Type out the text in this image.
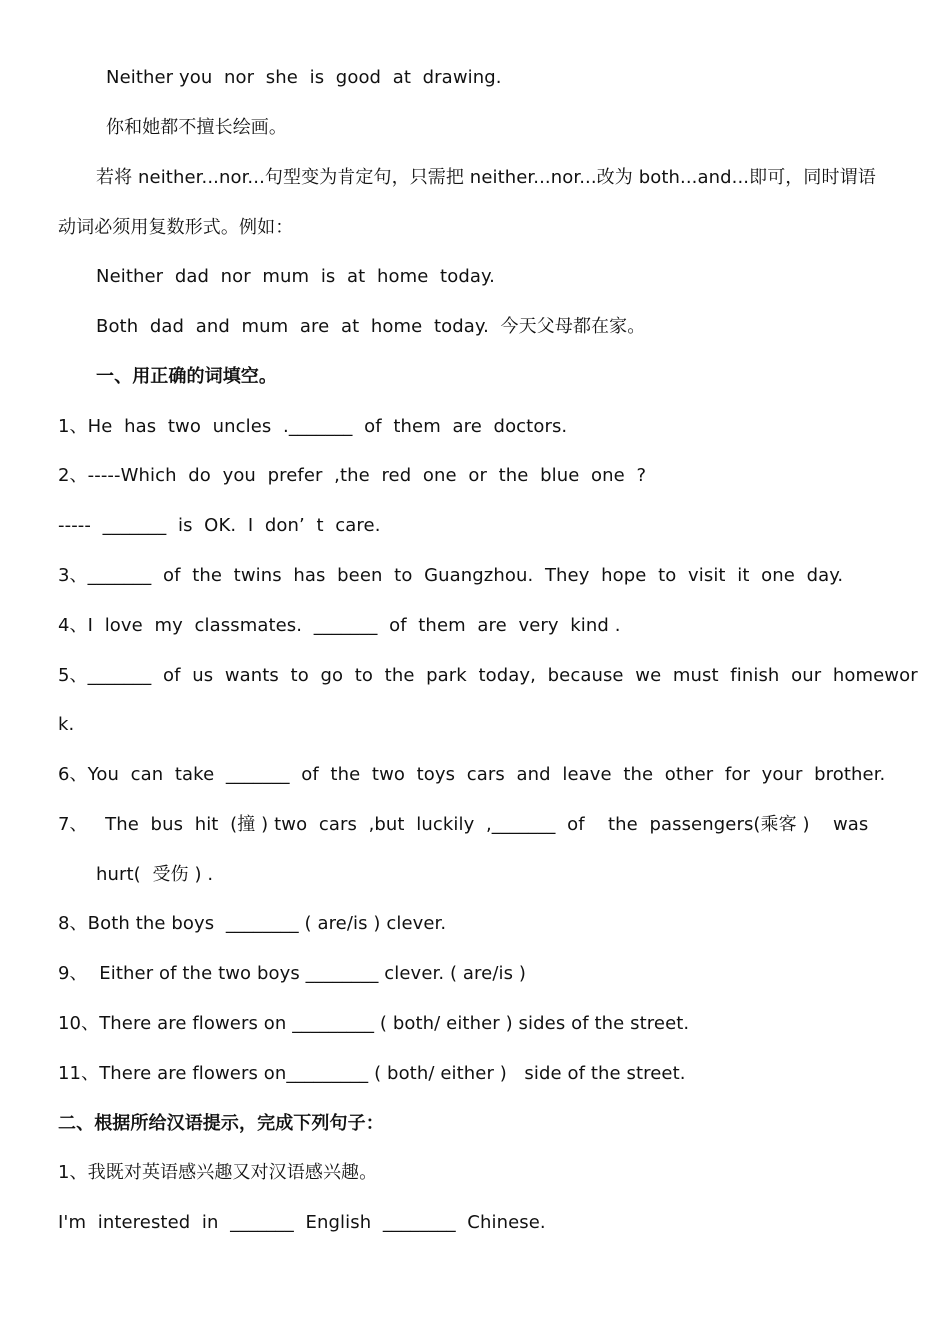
Neither you  nor  she  is  good  at  drawing.
你和她都不擅长绘画。
若将 neither...nor...句型变为肯定句，只需把 neither...nor...改为 both...and...即可，同时谓语
动词必须用复数形式。例如：
Neither  dad  nor  mum  is  at  home  today.
Both  dad  and  mum  are  at  home  today.  今天父母都在家。
一、用正确的词填空。
1、He  has  two  uncles  ._______  of  them  are  doctors.
2、-----Which  do  you  prefer  ,the  red  one  or  the  blue  one  ?
-----  _______  is  OK.  I  don’  t  care.
3、_______  of  the  twins  has  been  to  Guangzhou.  They  hope  to  visit  it  one  day.
4、I  love  my  classmates.  _______  of  them  are  very  kind .
5、_______  of  us  wants  to  go  to  the  park  today,  because  we  must  finish  our  homewor
k.
6、You  can  take  _______  of  the  two  toys  cars  and  leave  the  other  for  your  brother.
7、   The  bus  hit  (撞 ) two  cars  ,but  luckily  ,_______  of    the  passengers(乘客 )    was
hurt(  受伤 ) .
8、Both the boys  ________ ( are/is ) clever.
9、  Either of the two boys ________ clever. ( are/is )
10、There are flowers on _________ ( both/ either ) sides of the street.
11、There are flowers on_________ ( both/ either )   side of the street.
二、根据所给汉语提示，完成下列句子：
1、我既对英语感兴趣又对汉语感兴趣。
I'm  interested  in  _______  English  ________  Chinese.
